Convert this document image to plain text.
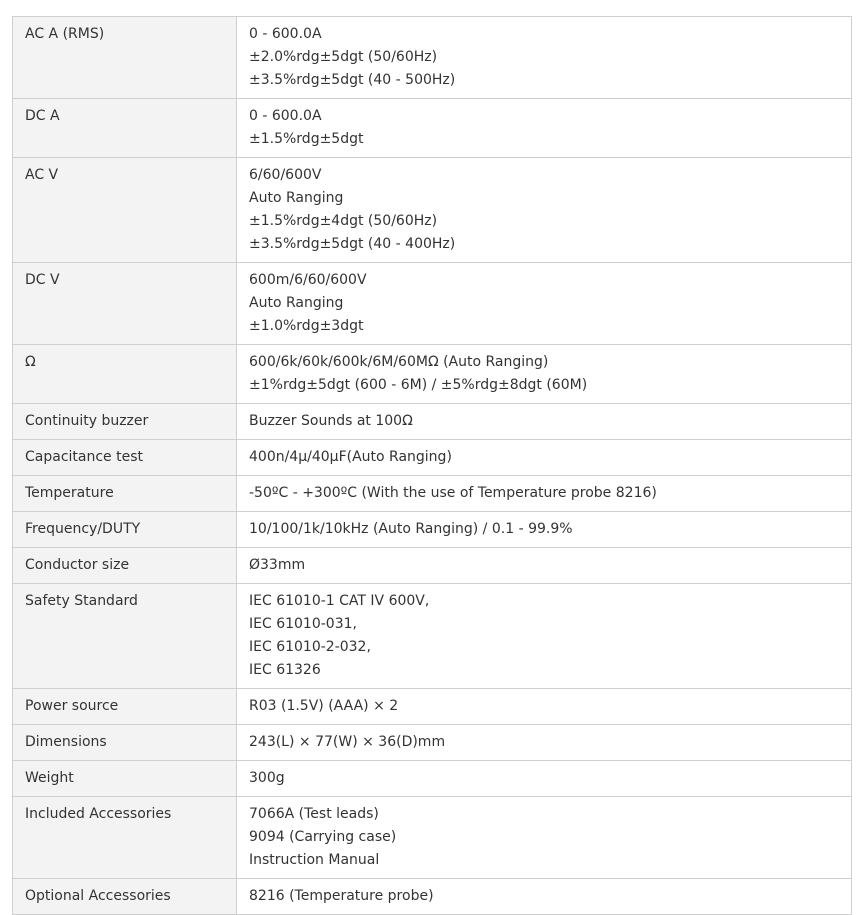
AC A (RMS)	0 - 600.0A
±2.0%rdg±5dgt (50/60Hz)
±3.5%rdg±5dgt (40 - 500Hz)

DC A	0 - 600.0A
±1.5%rdg±5dgt

AC V	6/60/600V
Auto Ranging
±1.5%rdg±4dgt (50/60Hz)
±3.5%rdg±5dgt (40 - 400Hz)

DC V	600m/6/60/600V
Auto Ranging
±1.0%rdg±3dgt

Ω	600/6k/60k/600k/6M/60MΩ (Auto Ranging)
±1%rdg±5dgt (600 - 6M) / ±5%rdg±8dgt (60M)

Continuity buzzer	Buzzer Sounds at 100Ω

Capacitance test	400n/4μ/40μF(Auto Ranging)

Temperature	-50ºC - +300ºC (With the use of Temperature probe 8216)

Frequency/DUTY	10/100/1k/10kHz (Auto Ranging) / 0.1 - 99.9%

Conductor size	Ø33mm

Safety Standard	IEC 61010-1 CAT IV 600V,
IEC 61010-031,
IEC 61010-2-032,
IEC 61326

Power source	R03 (1.5V) (AAA) × 2

Dimensions	243(L) × 77(W) × 36(D)mm

Weight	300g

Included Accessories	7066A (Test leads)
9094 (Carrying case)
Instruction Manual

Optional Accessories	8216 (Temperature probe)
